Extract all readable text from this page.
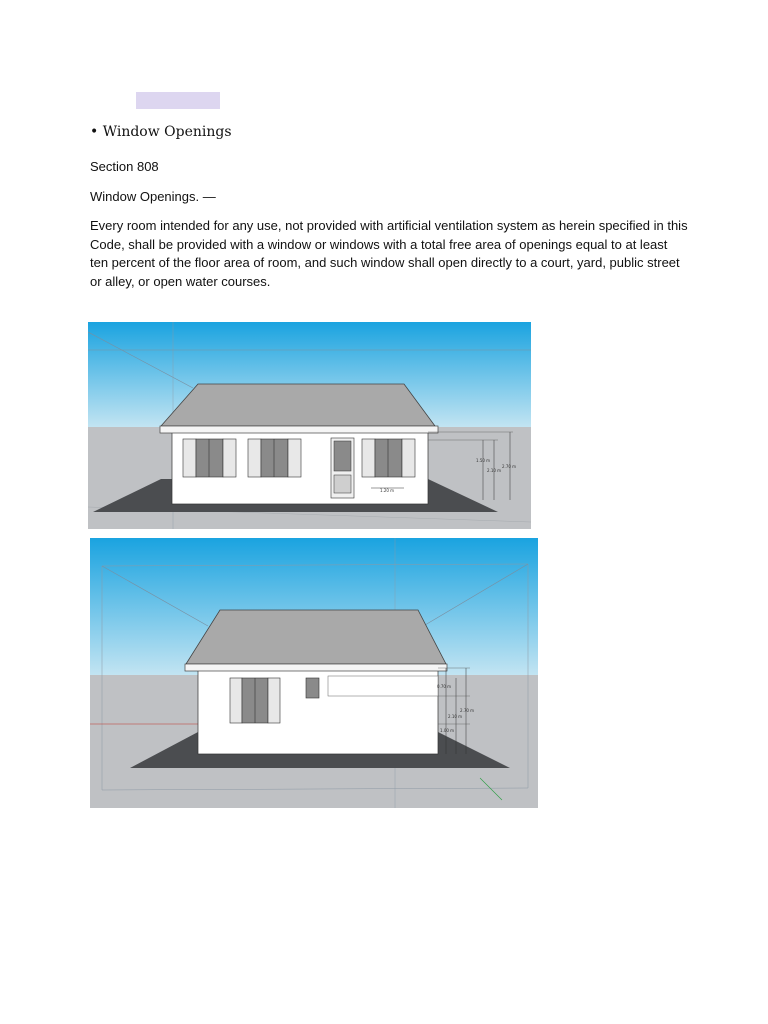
• Window Openings
Section 808
Window Openings. —
Every room intended for any use, not provided with artificial ventilation system as herein specified in this
Code, shall be provided with a window or windows with a total free area of openings equal to at least
ten percent of the floor area of room, and such window shall open directly to a court, yard, public street
or alley, or open water courses.
1.50 m
2.10 m
2.70 m
1.20 m
0.70 m
2.10 m
2.70 m
1.00 m
